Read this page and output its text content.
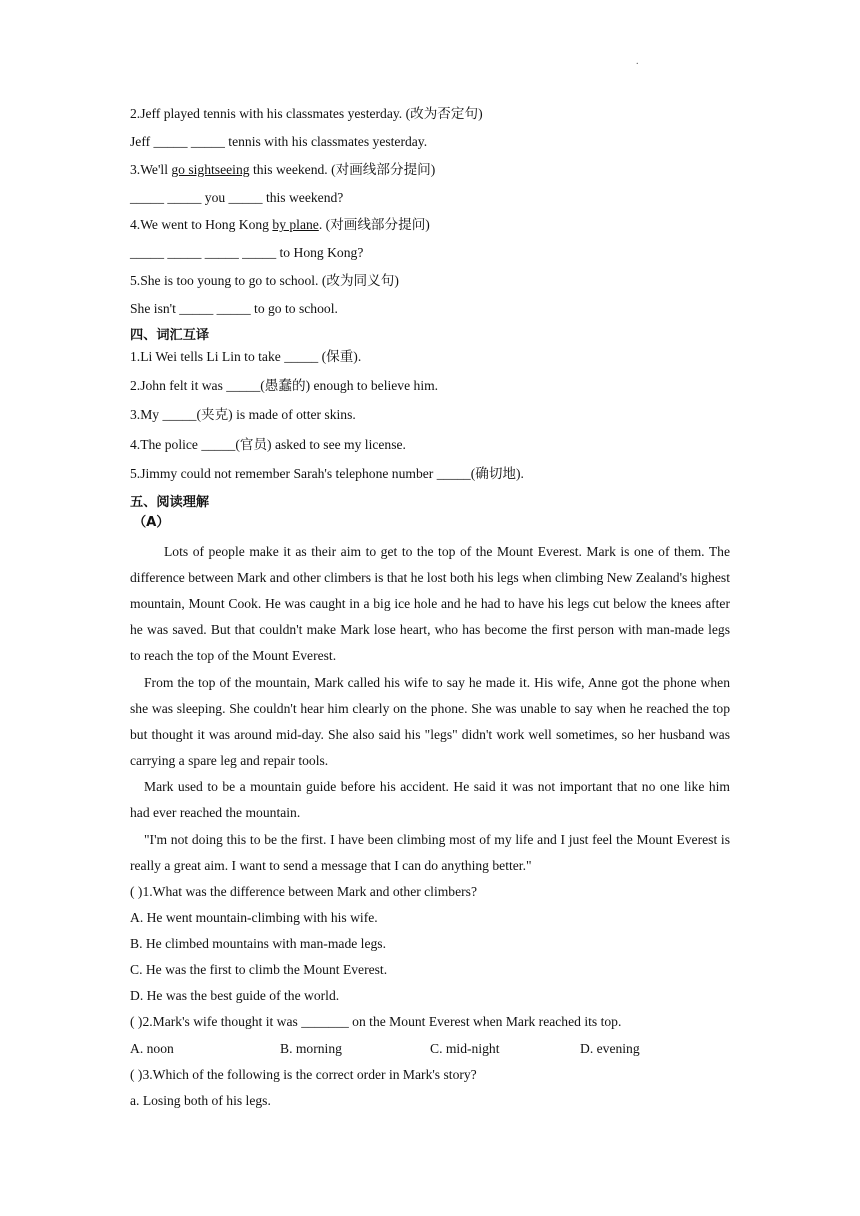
.
2.Jeff played tennis with his classmates yesterday. (改为否定句)
Jeff _____ _____ tennis with his classmates yesterday.
3.We'll go sightseeing this weekend. (对画线部分提问)
_____ _____ you _____ this weekend?
4.We went to Hong Kong by plane. (对画线部分提问)
_____ _____ _____ _____ to Hong Kong?
5.She is too young to go to school. (改为同义句)
She isn't _____ _____ to go to school.
四、词汇互译
1.Li Wei tells Li Lin to take _____ (保重).
2.John felt it was _____(愚蠢的) enough to believe him.
3.My _____(夹克) is made of otter skins.
4.The police _____(官员) asked to see my license.
5.Jimmy could not remember Sarah's telephone number _____(确切地).
五、阅读理解
（A）
Lots of people make it as their aim to get to the top of the Mount Everest. Mark is one of them. The difference between Mark and other climbers is that he lost both his legs when climbing New Zealand's highest mountain, Mount Cook. He was caught in a big ice hole and he had to have his legs cut below the knees after he was saved. But that couldn't make Mark lose heart, who has become the first person with man-made legs to reach the top of the Mount Everest.
From the top of the mountain, Mark called his wife to say he made it. His wife, Anne got the phone when she was sleeping. She couldn't hear him clearly on the phone. She was unable to say when he reached the top but thought it was around mid-day. She also said his "legs" didn't work well sometimes, so her husband was carrying a spare leg and repair tools.
Mark used to be a mountain guide before his accident. He said it was not important that no one like him had ever reached the mountain.
"I'm not doing this to be the first. I have been climbing most of my life and I just feel the Mount Everest is really a great aim. I want to send a message that I can do anything better."
( )1.What was the difference between Mark and other climbers?
A. He went mountain-climbing with his wife.
B. He climbed mountains with man-made legs.
C. He was the first to climb the Mount Everest.
D. He was the best guide of the world.
( )2.Mark's wife thought it was _______ on the Mount Everest when Mark reached its top.
A. noon	B. morning	C. mid-night	D. evening
( )3.Which of the following is the correct order in Mark's story?
a. Losing both of his legs.
